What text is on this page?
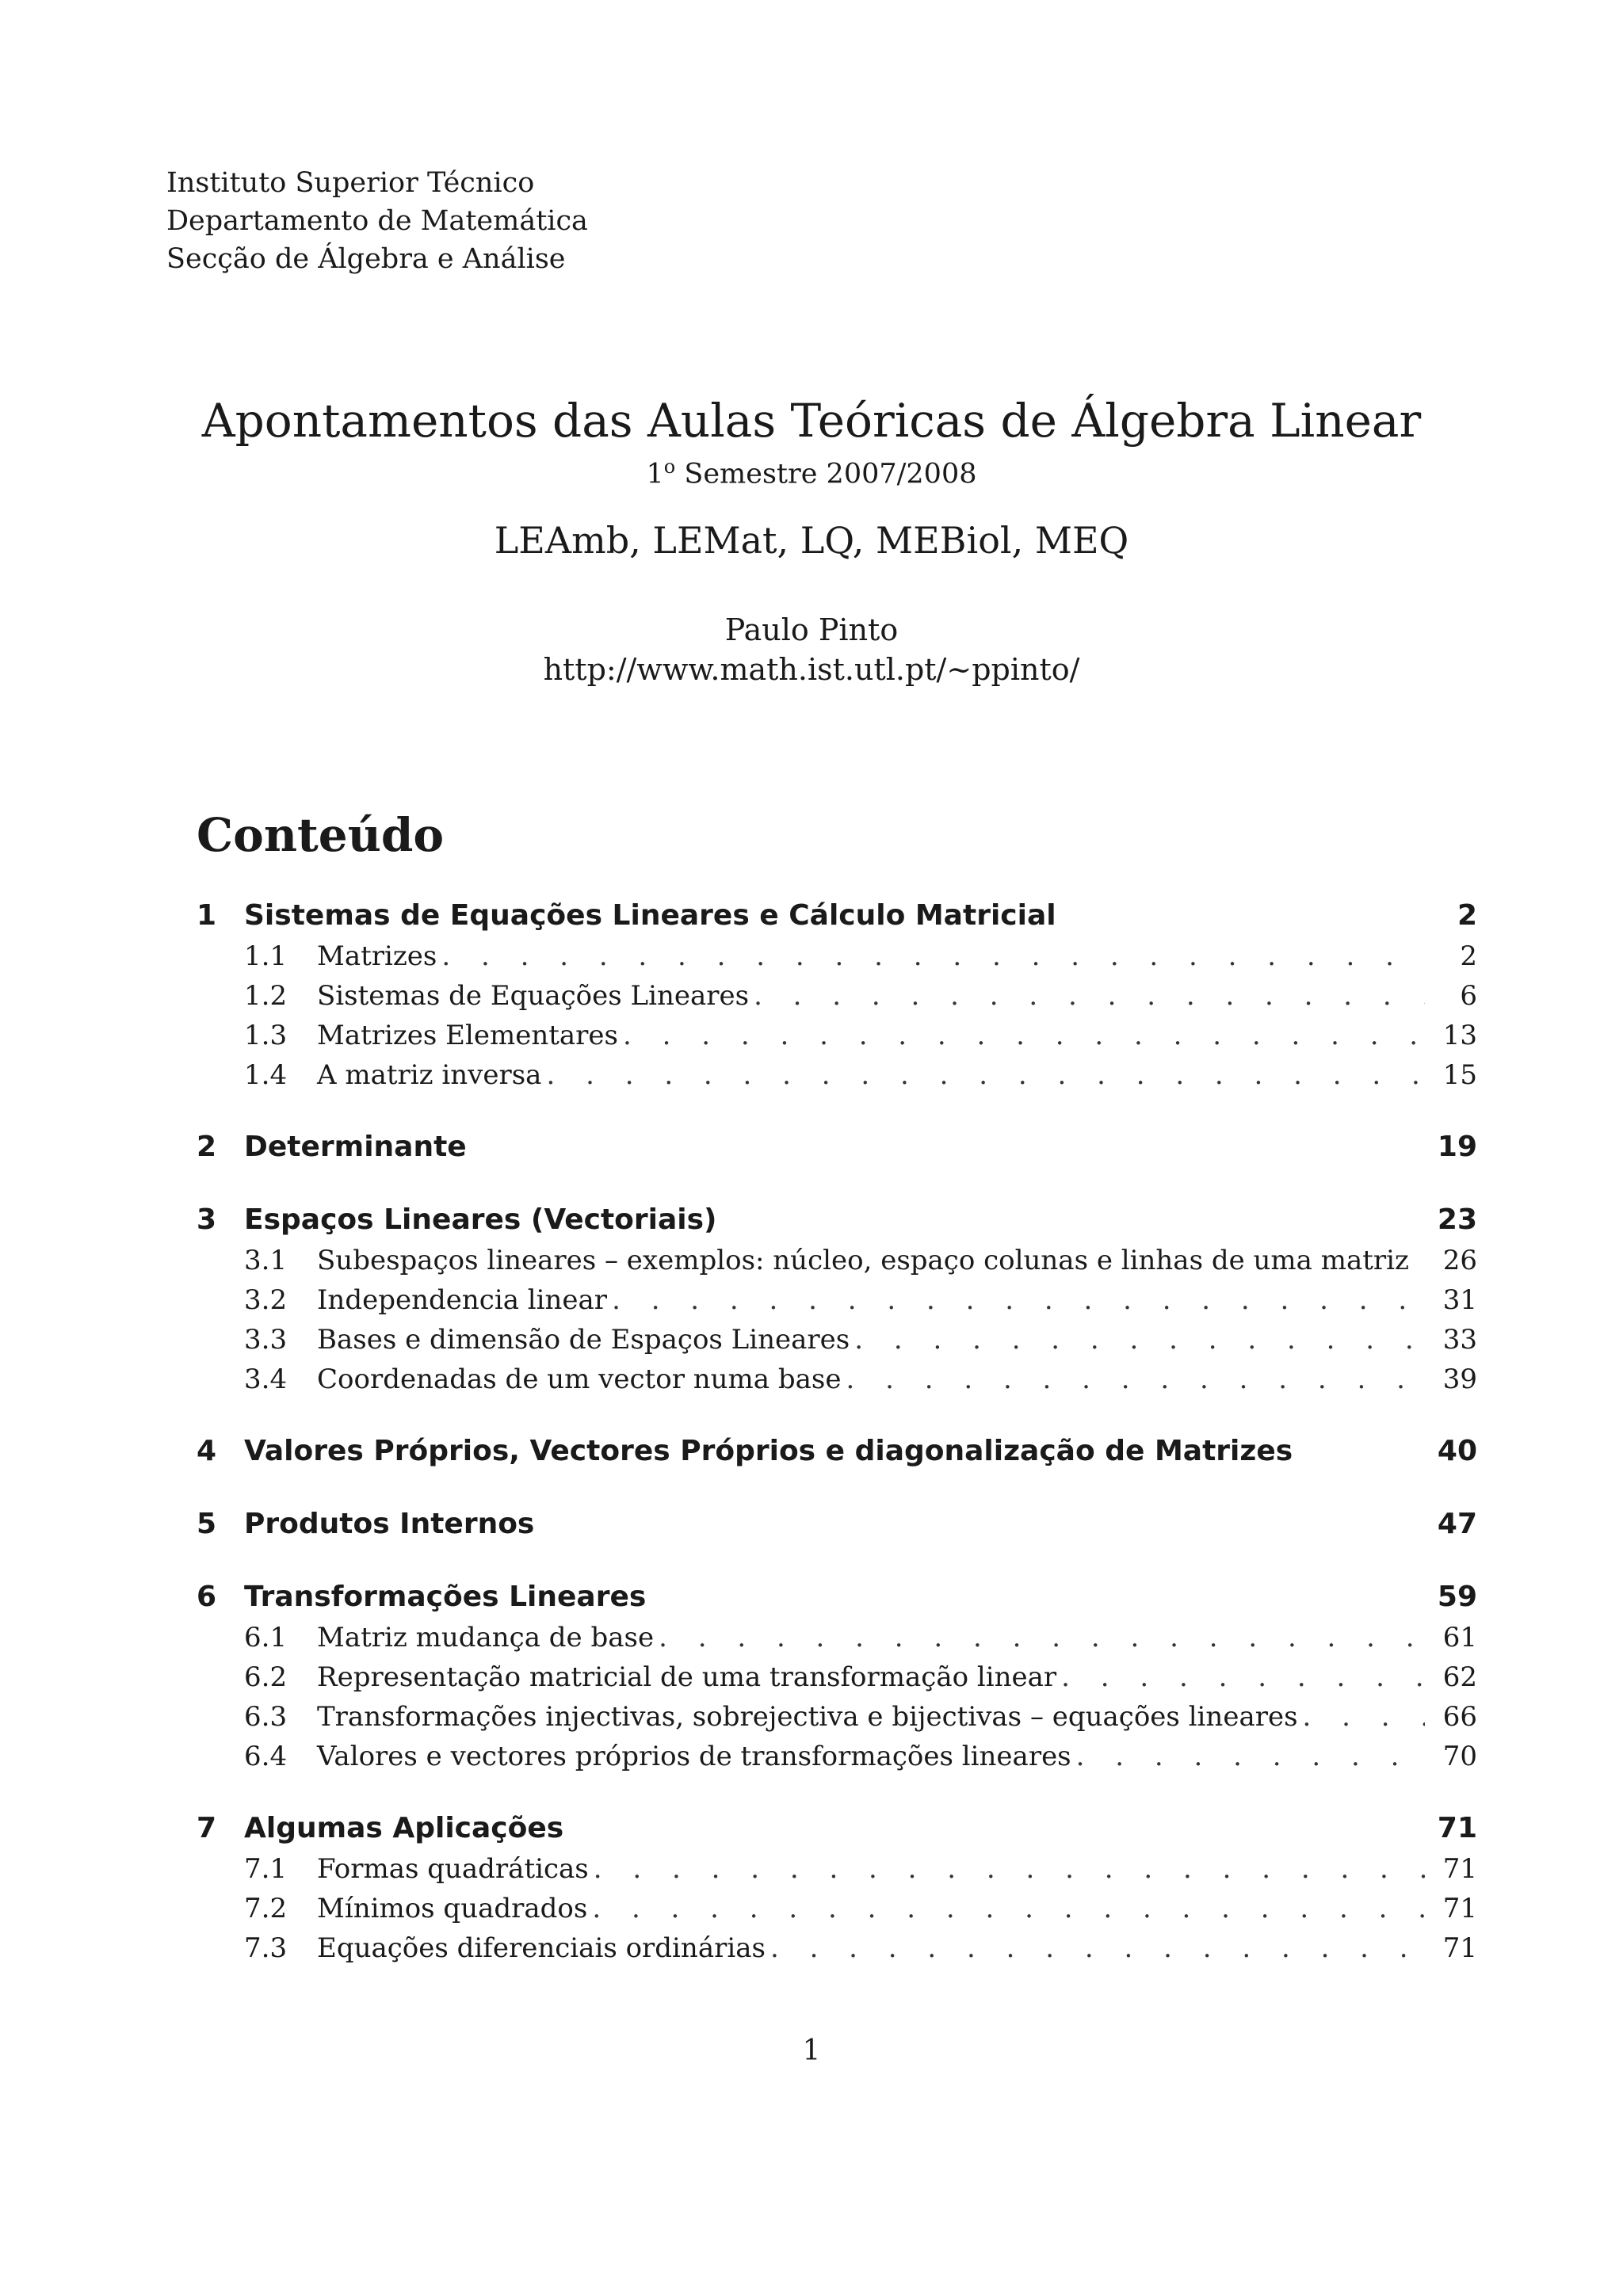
Instituto Superior Técnico
Departamento de Matemática
Secção de Álgebra e Análise
Apontamentos das Aulas Teóricas de Álgebra Linear
1$^o$ Semestre 2007/2008
LEAmb, LEMat, LQ, MEBiol, MEQ
Paulo Pinto
http://www.math.ist.utl.pt/~ppinto/
Conteúdo
1 Sistemas de Equações Lineares e Cálculo Matricial	2
1.1	Matrizes . . .	2
1.2	Sistemas de Equações Lineares . . .	6
1.3	Matrizes Elementares . . .	13
1.4	A matriz inversa . . .	15
2 Determinante	19
3 Espaços Lineares (Vectoriais)	23
3.1	Subespaços lineares – exemplos: núcleo, espaço colunas e linhas de uma matriz 26
3.2	Independencia linear . . .	31
3.3	Bases e dimensão de Espaços Lineares . . .	33
3.4	Coordenadas de um vector numa base . . .	39
4 Valores Próprios, Vectores Próprios e diagonalização de Matrizes	40
5 Produtos Internos	47
6 Transformações Lineares	59
6.1	Matriz mudança de base . . .	61
6.2	Representação matricial de uma transformação linear . . .	62
6.3	Transformações injectivas, sobrejectiva e bijectivas – equações lineares . . .	66
6.4	Valores e vectores próprios de transformações lineares . . .	70
7 Algumas Aplicações	71
7.1	Formas quadráticas . . .	71
7.2	Mínimos quadrados . . .	71
7.3	Equações diferenciais ordinárias . . .	71
1
